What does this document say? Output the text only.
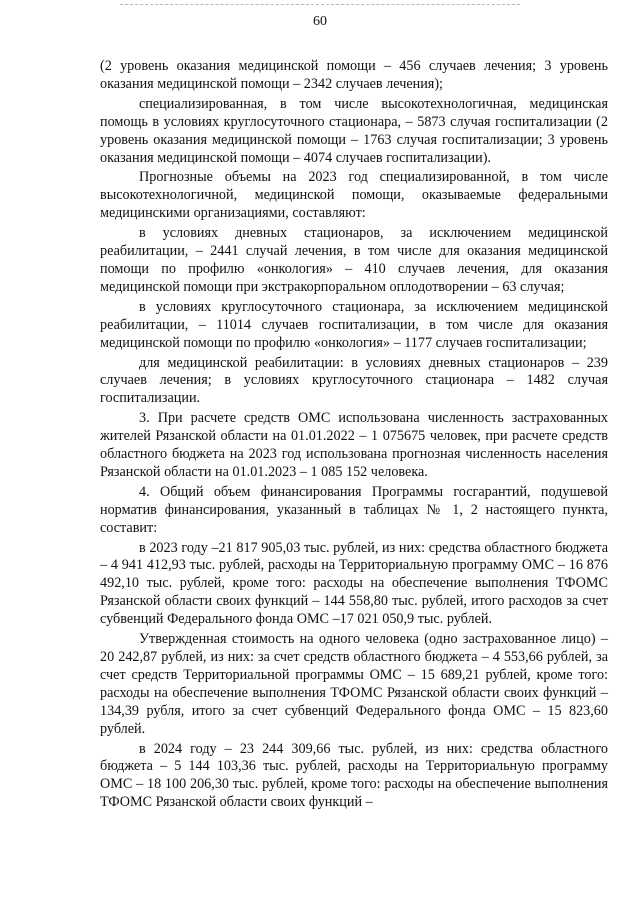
60

(2 уровень оказания медицинской помощи – 456 случаев лечения; 3 уровень оказания медицинской помощи – 2342 случаев лечения);

специализированная, в том числе высокотехнологичная, медицинская помощь в условиях круглосуточного стационара, – 5873 случая госпитализации (2 уровень оказания медицинской помощи – 1763 случая госпитализации; 3 уровень оказания медицинской помощи – 4074 случаев госпитализации).

Прогнозные объемы на 2023 год специализированной, в том числе высокотехнологичной, медицинской помощи, оказываемые федеральными медицинскими организациями, составляют:

в условиях дневных стационаров, за исключением медицинской реабилитации, – 2441 случай лечения, в том числе для оказания медицинской помощи по профилю «онкология» – 410 случаев лечения, для оказания медицинской помощи при экстракорпоральном оплодотворении – 63 случая;

в условиях круглосуточного стационара, за исключением медицинской реабилитации, – 11014 случаев госпитализации, в том числе для оказания медицинской помощи по профилю «онкология» – 1177 случаев госпитализации;

для медицинской реабилитации: в условиях дневных стационаров – 239 случаев лечения; в условиях круглосуточного стационара – 1482 случая госпитализации.

3. При расчете средств ОМС использована численность застрахованных жителей Рязанской области на 01.01.2022 – 1 075675 человек, при расчете средств областного бюджета на 2023 год использована прогнозная численность населения Рязанской области на 01.01.2023 – 1 085 152 человека.

4. Общий объем финансирования Программы госгарантий, подушевой норматив финансирования, указанный в таблицах № 1, 2 настоящего пункта, составит:

в 2023 году –21 817 905,03 тыс. рублей, из них: средства областного бюджета – 4 941 412,93 тыс. рублей, расходы на Территориальную программу ОМС – 16 876 492,10 тыс. рублей, кроме того: расходы на обеспечение выполнения ТФОМС Рязанской области своих функций – 144 558,80 тыс. рублей, итого расходов за счет субвенций Федерального фонда ОМС –17 021 050,9 тыс. рублей.

Утвержденная стоимость на одного человека (одно застрахованное лицо) – 20 242,87 рублей, из них: за счет средств областного бюджета – 4 553,66 рублей, за счет средств Территориальной программы ОМС – 15 689,21 рублей, кроме того: расходы на обеспечение выполнения ТФОМС Рязанской области своих функций – 134,39 рубля, итого за счет субвенций Федерального фонда ОМС – 15 823,60 рублей.

в 2024 году – 23 244 309,66 тыс. рублей, из них: средства областного бюджета – 5 144 103,36 тыс. рублей, расходы на Территориальную программу ОМС – 18 100 206,30 тыс. рублей, кроме того: расходы на обеспечение выполнения ТФОМС Рязанской области своих функций –
